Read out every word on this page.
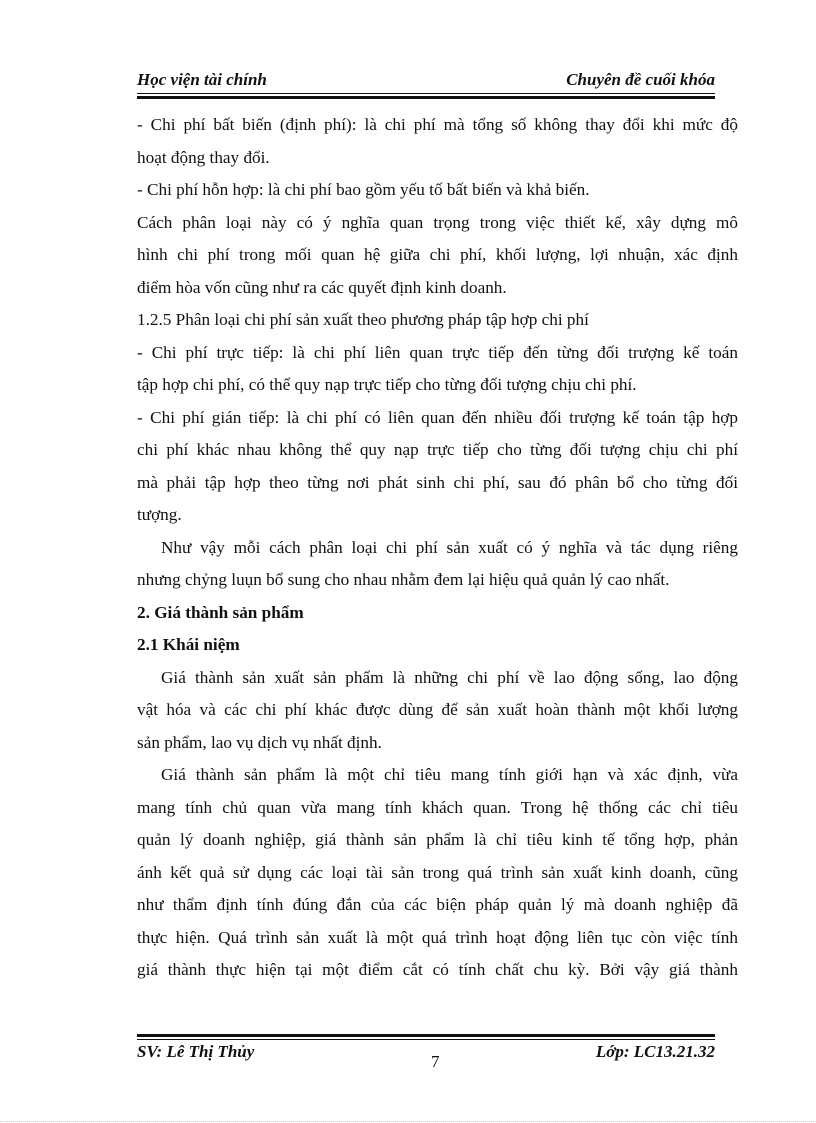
Học viện tài chính	Chuyên đề cuối khóa
- Chi phí bất biến (định phí): là chi phí mà tổng số không thay đổi khi mức độ
hoạt động thay đổi.
- Chi phí hỗn hợp: là chi phí bao gồm yếu tố bất biến và khả biến.
Cách phân loại này có ý nghĩa quan trọng trong việc thiết kế, xây dựng mô
hình chi phí trong mối quan hệ giữa chi phí, khối lượng, lợi nhuận, xác định
điểm hòa vốn cũng như ra các quyết định kinh doanh.
1.2.5 Phân loại chi phí sản xuất theo phương pháp tập hợp chi phí
- Chi phí trực tiếp: là chi phí liên quan trực tiếp đến từng đối trượng kế toán
tập hợp chi phí, có thể quy nạp trực tiếp cho từng đối tượng chịu chi phí.
- Chi phí gián tiếp: là chi phí có liên quan đến nhiều đối trượng kế toán tập hợp
chi phí khác nhau không thể quy nạp trực tiếp cho từng đối tượng chịu chi phí
mà phải tập hợp theo từng nơi phát sinh chi phí, sau đó phân bổ cho từng đối
tượng.
Như vậy mỗi cách phân loại chi phí sản xuất có ý nghĩa và tác dụng riêng
nhưng chỷng luụn bổ sung cho nhau nhằm đem lại hiệu quả quản lý cao nhất.
2. Giá thành sản phẩm
2.1 Khái niệm
Giá thành sản xuất sản phẩm là những chi phí về lao động sống, lao động
vật hóa và các chi phí khác được dùng để sản xuất hoàn thành một khối lượng
sản phẩm, lao vụ dịch vụ nhất định.
Giá thành sản phẩm là một chỉ tiêu mang tính giới hạn và xác định, vừa
mang tính chủ quan vừa mang tính khách quan. Trong hệ thống các chỉ tiêu
quản lý doanh nghiệp, giá thành sản phẩm là chỉ tiêu kinh tế tổng hợp, phản
ánh kết quả sử dụng các loại tài sản trong quá trình sản xuất kinh doanh, cũng
như thẩm định tính đúng đắn của các biện pháp quản lý mà doanh nghiệp đã
thực hiện. Quá trình sản xuất là một quá trình hoạt động liên tục còn việc tính
giá thành thực hiện tại một điểm cắt có tính chất chu kỳ. Bởi vậy giá thành
SV: Lê Thị Thủy
7
Lớp: LC13.21.32
